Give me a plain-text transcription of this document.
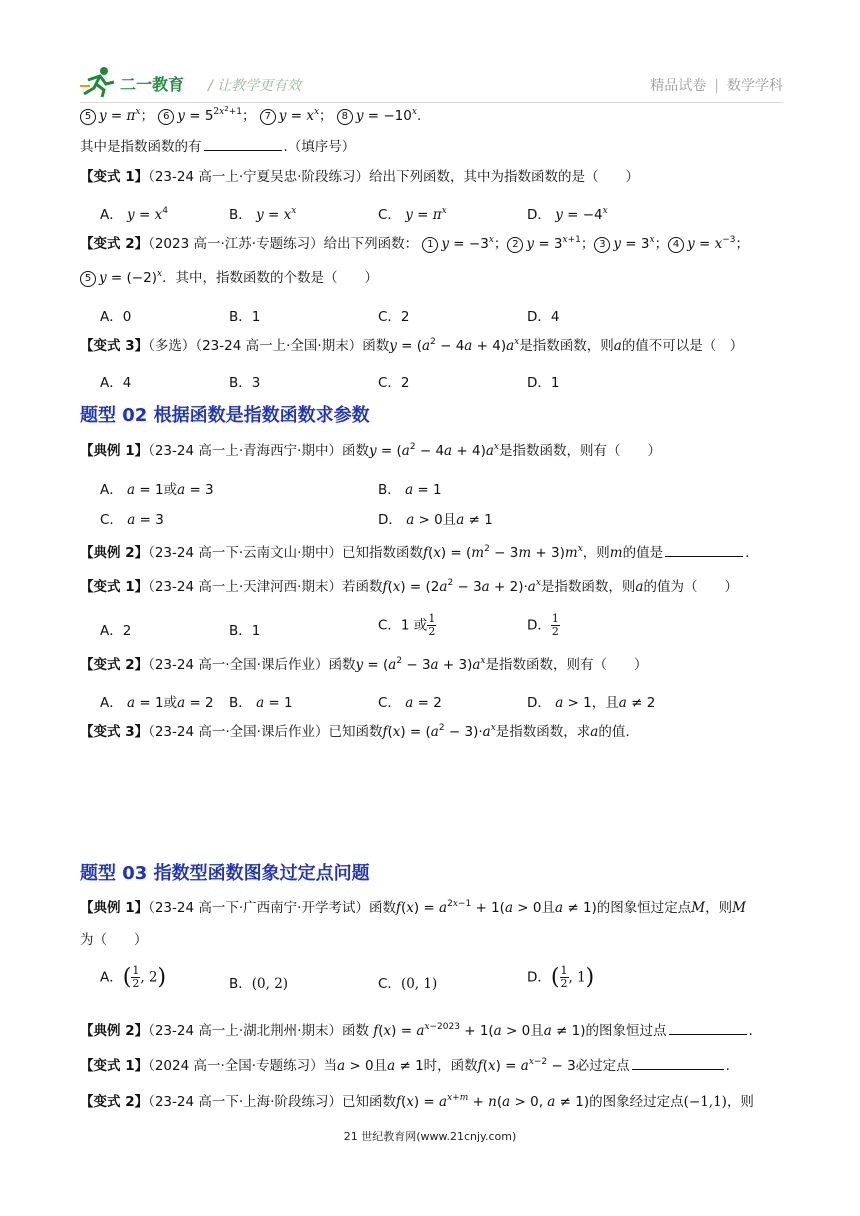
二一教育 / 让教学更有效	精品试卷 | 数学学科
5 $y = \pi^x$； 6 $y = 5^{2x^2+1}$； 7 $y = x^x$； 8 $y = -10^x$.
其中是指数函数的有	.（填序号）
【变式 1】（23-24 高一上·宁夏吴忠·阶段练习）给出下列函数，其中为指数函数的是（　　）
A． $y = x^4$	B． $y = x^x$	C． $y = \pi^x$	D． $y = -4^x$
【变式 2】（2023 高一·江苏·专题练习）给出下列函数： 1 $y = -3^x$； 2 $y = 3^{x+1}$； 3 $y = 3^x$； 4 $y = x^{-3}$；
5 $y = (-2)^x$．其中，指数函数的个数是（　　）
A．0	B．1	C．2	D．4
【变式 3】（多选）（23-24 高一上·全国·期末）函数$y = (a^2 - 4a + 4)a^x$是指数函数，则a的值不可以是（　）
A．4	B．3	C．2	D．1
题型 02 根据函数是指数函数求参数
【典例 1】（23-24 高一上·青海西宁·期中）函数$y = (a^2 - 4a + 4)a^x$是指数函数，则有（　　）
A． a = 1或a = 3	B． a = 1
C． a = 3	D． a > 0且a ≠ 1
【典例 2】（23-24 高一下·云南文山·期中）已知指数函数$f(x) = (m^2 - 3m + 3)m^x$，则m的值是	.
【变式 1】（23-24 高一上·天津河西·期末）若函数$f(x) = (2a^2 - 3a + 2)\cdot a^x$是指数函数，则a的值为（　　）
A．2	B．1	C．1 或 $\frac{1}{2}$	D． $\frac{1}{2}$
【变式 2】（23-24 高一·全国·课后作业）函数$y = (a^2 - 3a + 3)a^x$是指数函数，则有（　　）
A． a = 1或a = 2 B． a = 1	C． a = 2	D． a > 1，且a ≠ 2
【变式 3】（23-24 高一·全国·课后作业）已知函数$f(x) = (a^2 - 3)\cdot a^x$是指数函数，求a的值.
题型 03 指数型函数图象过定点问题
【典例 1】（23-24 高一下·广西南宁·开学考试）函数$f(x) = a^{2x-1} + 1(a > 0$且a ≠ 1)的图象恒过定点M，则M
为（　　）
A．( $\frac{1}{2}$ , 2)	B．(0, 2)	C．(0, 1)	D．( $\frac{1}{2}$ , 1)
【典例 2】（23-24 高一上·湖北荆州·期末）函数 $f(x) = a^{x-2023} + 1(a > 0$且a ≠ 1)的图象恒过点	.
【变式 1】（2024 高一·全国·专题练习）当a > 0且a ≠ 1时，函数$f(x) = a^{x-2} - 3$必过定点	.
【变式 2】（23-24 高一下·上海·阶段练习）已知函数$f(x) = a^{x+m} + n(a > 0$, a ≠ 1)的图象经过定点(−1,1)，则
21 世纪教育网(www.21cnjy.com)
